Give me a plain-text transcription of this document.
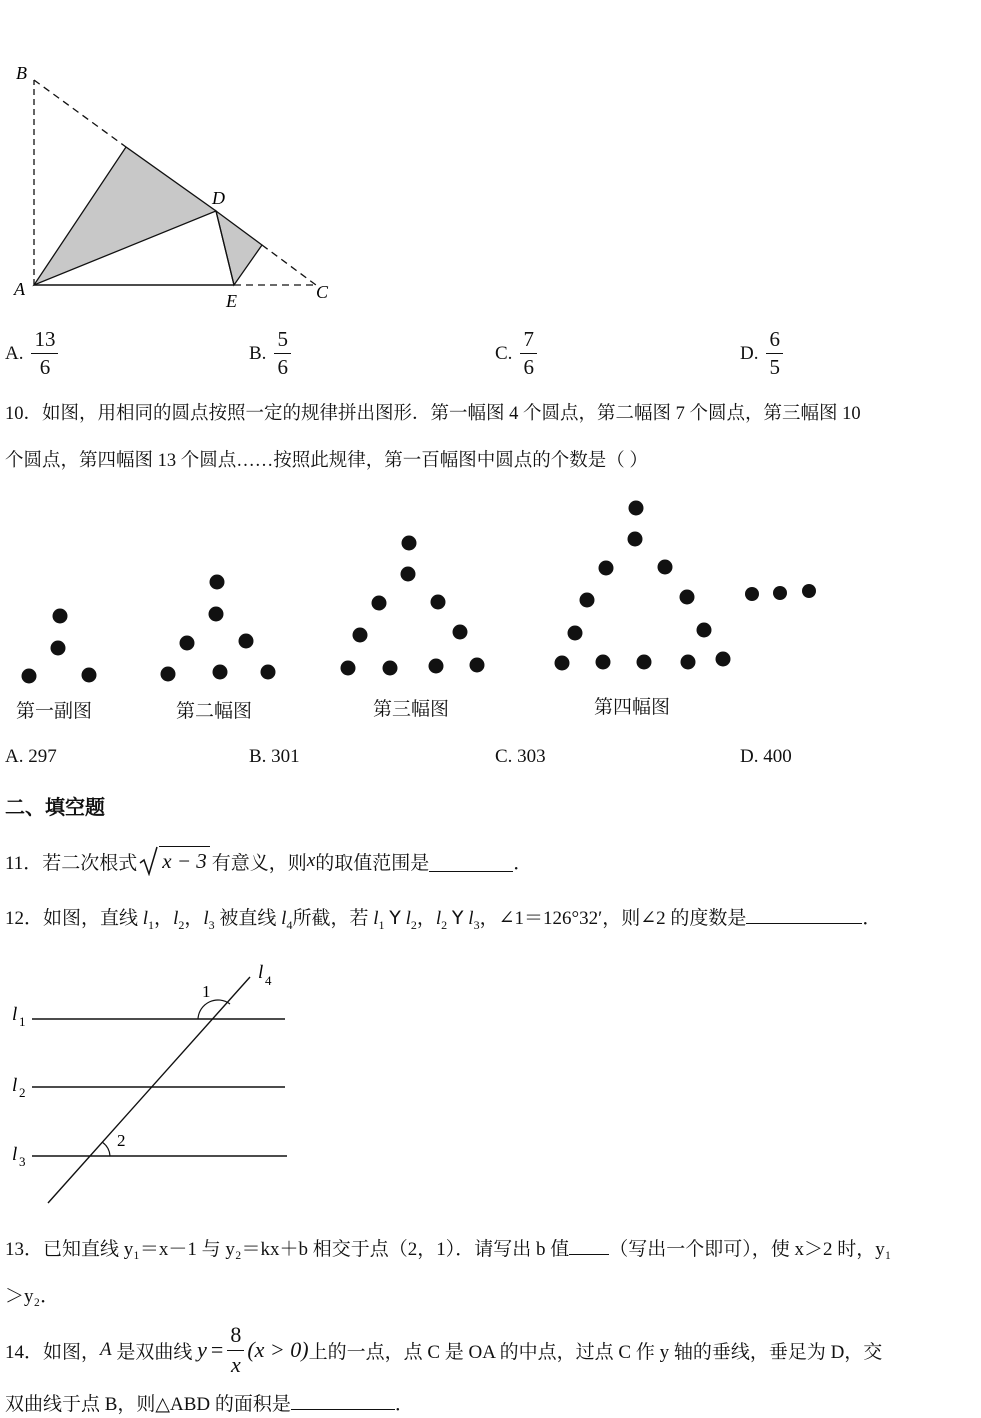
B
A
D
E	C
A. $\frac{13}{6}$	B. $\frac{5}{6}$	C. $\frac{7}{6}$	D. $\frac{6}{5}$
10．如图，用相同的圆点按照一定的规律拼出图形．第一幅图 4 个圆点，第二幅图 7 个圆点，第三幅图 10
个圆点，第四幅图 13 个圆点……按照此规律，第一百幅图中圆点的个数是（ ）
第一副图	第二幅图	第三幅图	第四幅图
A. 297	B. 301	C. 303	D. 400
二、填空题
11．若二次根式 x − 3 有意义，则 x 的取值范围是	．
12．如图，直线 $l_1$，$l_2$，$l_3$ 被直线 $l_4$所截，若 $l_1$ Y $l_2$，$l_2$ Y $l_3$，∠1＝126°32′，则∠2 的度数是	．
1
2
l 1
l 2
l 3
l 4
13．已知直线 y₁＝x－1 与 y₂＝kx＋b 相交于点（2，1）．请写出 b 值 （写出一个即可），使 x＞2 时，y₁
＞y₂．
14．如图， A 是双曲线 $y = \frac{8}{x} (x > 0)$ 上的一点，点 C 是 OA 的中点，过点 C 作 y 轴的垂线，垂足为 D，交
双曲线于点 B，则△ABD 的面积是	．
